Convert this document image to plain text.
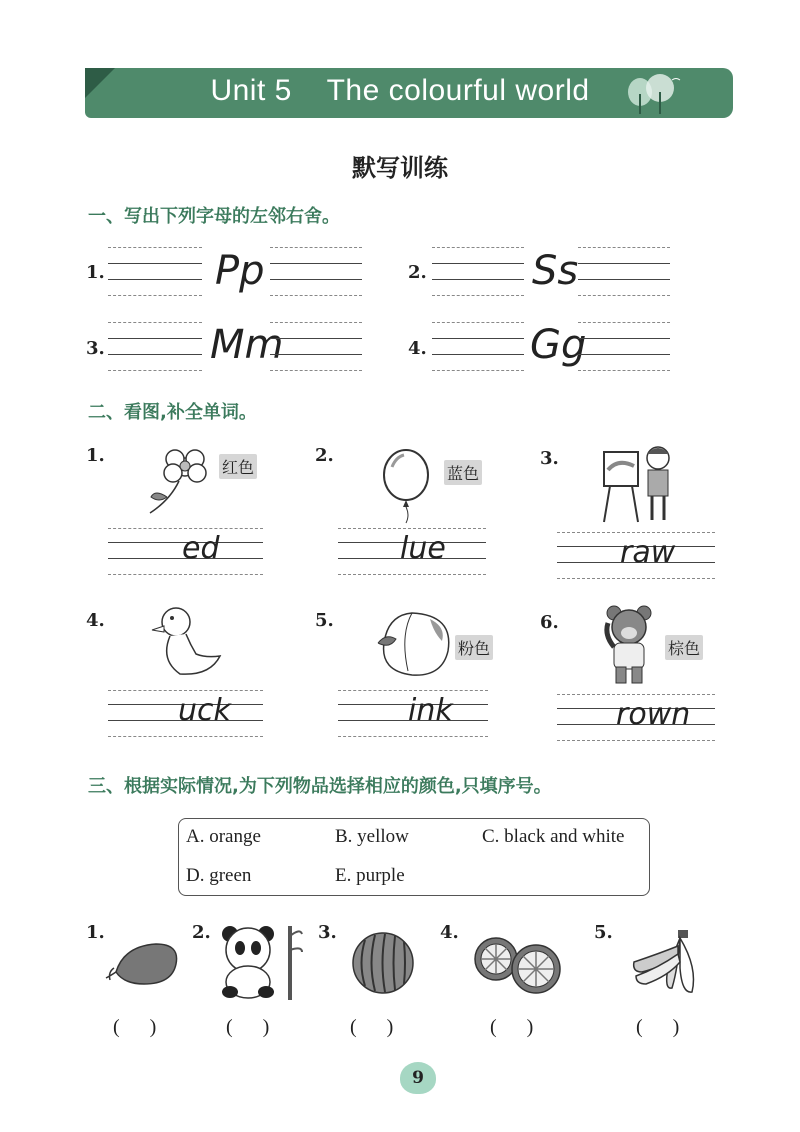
Unit 5    The colourful world
默写训练
一、写出下列字母的左邻右舍。
1.	Pp	2.	Ss
3.	Mm	4.	Gg
二、看图,补全单词。
1.
红色
ed
2.
蓝色
lue
3.
raw
4.
uck
5.
粉色
ink
6.
棕色
rown
三、根据实际情况,为下列物品选择相应的颜色,只填序号。
A. orange	B. yellow	C. black and white
D. green	E. purple
1.
(      )
2.
(      )
3.
(      )
4.
(      )
5.
(      )
9
